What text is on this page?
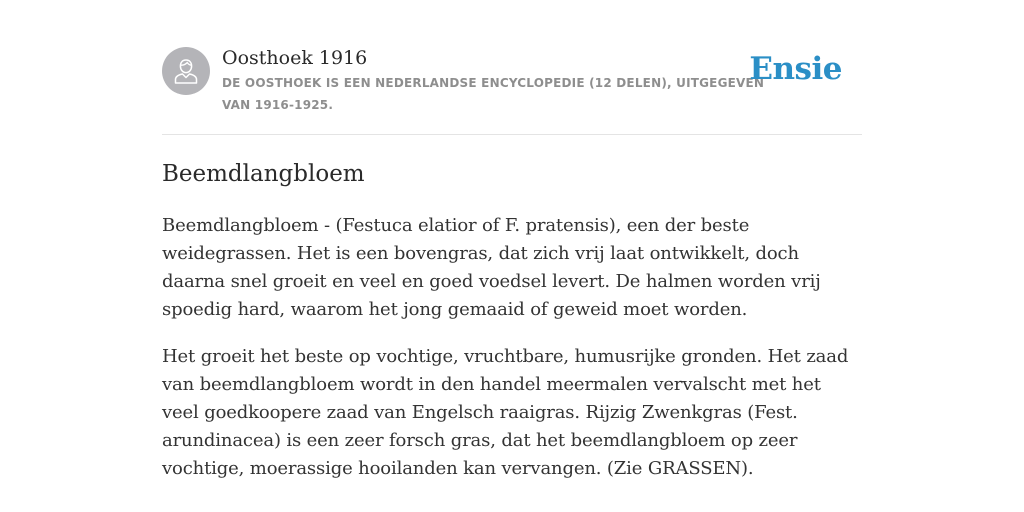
Oosthoek 1916
DE OOSTHOEK IS EEN NEDERLANDSE ENCYCLOPEDIE (12 DELEN), UITGEGEVEN VAN 1916-1925.
Ensie
Beemdlangbloem

Beemdlangbloem - (Festuca elatior of F. pratensis), een der beste weidegrassen. Het is een bovengras, dat zich vrij laat ontwikkelt, doch daarna snel groeit en veel en goed voedsel levert. De halmen worden vrij spoedig hard, waarom het jong gemaaid of geweid moet worden.

Het groeit het beste op vochtige, vruchtbare, humusrijke gronden. Het zaad van beemdlangbloem wordt in den handel meermalen vervalscht met het veel goedkoopere zaad van Engelsch raaigras. Rijzig Zwenkgras (Fest. arundinacea) is een zeer forsch gras, dat het beemdlangbloem op zeer vochtige, moerassige hooilanden kan vervangen. (Zie GRASSEN).
